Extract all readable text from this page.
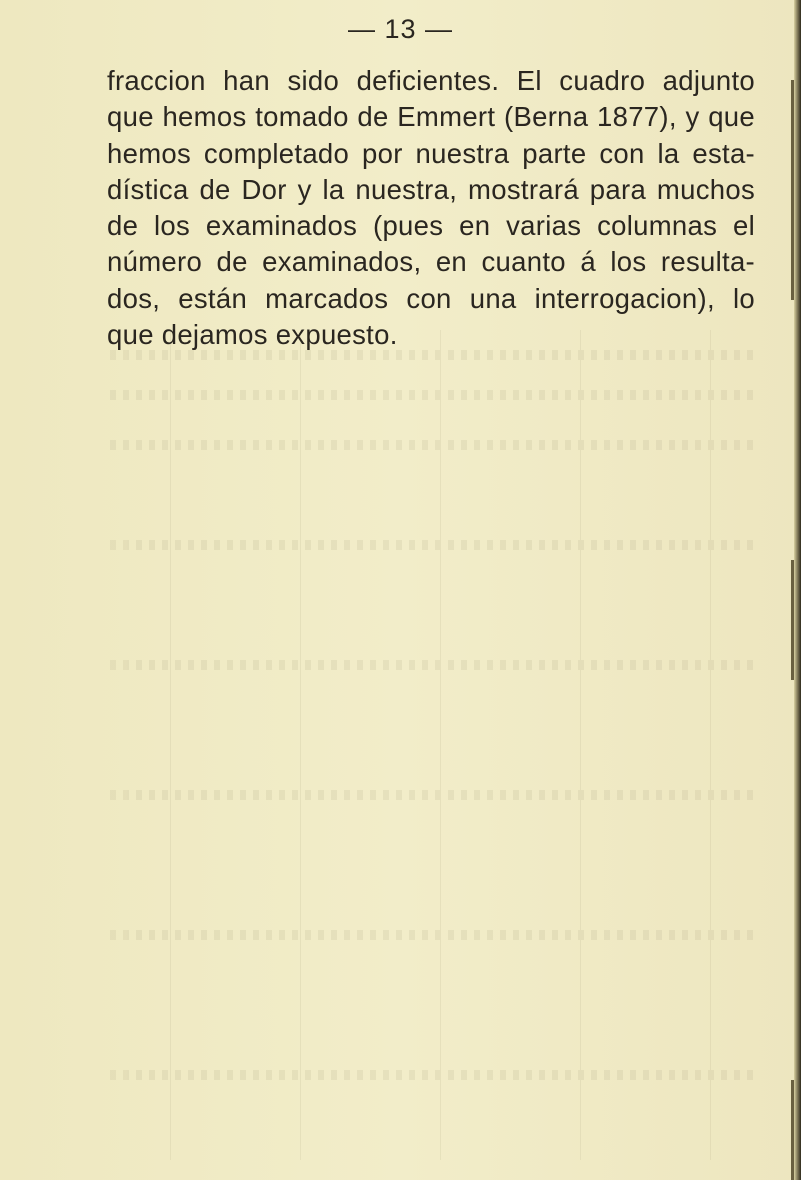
— 13 —

fraccion han sido deficientes. El cuadro adjunto
que hemos tomado de Emmert (Berna 1877), y que
hemos completado por nuestra parte con la esta-
dística de Dor y la nuestra, mostrará para muchos
de los examinados (pues en varias columnas el
número de examinados, en cuanto á los resulta-
dos, están marcados con una interrogacion), lo
que dejamos expuesto.
